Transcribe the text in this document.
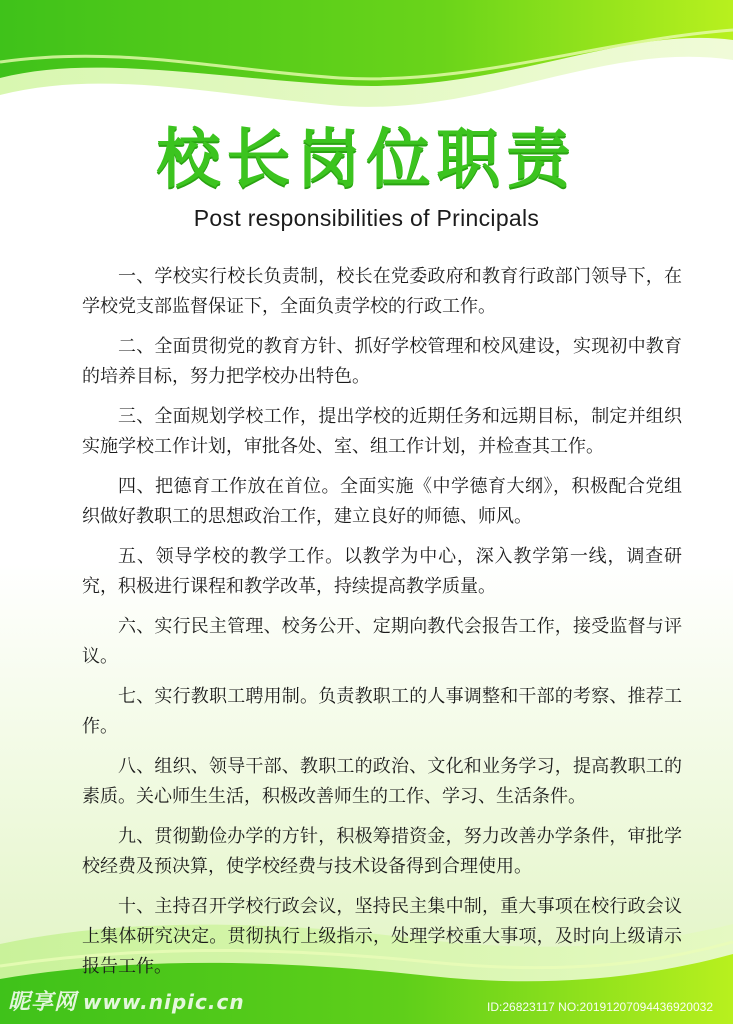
校长岗位职责
Post responsibilities of Principals
一、学校实行校长负责制，校长在党委政府和教育行政部门领导下，在学校党支部监督保证下，全面负责学校的行政工作。
二、全面贯彻党的教育方针、抓好学校管理和校风建设，实现初中教育的培养目标，努力把学校办出特色。
三、全面规划学校工作，提出学校的近期任务和远期目标，制定并组织实施学校工作计划，审批各处、室、组工作计划，并检查其工作。
四、把德育工作放在首位。全面实施《中学德育大纲》，积极配合党组织做好教职工的思想政治工作，建立良好的师德、师风。
五、领导学校的教学工作。以教学为中心，深入教学第一线，调查研究，积极进行课程和教学改革，持续提高教学质量。
六、实行民主管理、校务公开、定期向教代会报告工作，接受监督与评议。
七、实行教职工聘用制。负责教职工的人事调整和干部的考察、推荐工作。
八、组织、领导干部、教职工的政治、文化和业务学习，提高教职工的素质。关心师生生活，积极改善师生的工作、学习、生活条件。
九、贯彻勤俭办学的方针，积极筹措资金，努力改善办学条件，审批学校经费及预决算，使学校经费与技术设备得到合理使用。
十、主持召开学校行政会议，坚持民主集中制，重大事项在校行政会议上集体研究决定。贯彻执行上级指示，处理学校重大事项，及时向上级请示报告工作。
昵享网 www.nipic.cn	ID:26823117 NO:20191207094436920032
